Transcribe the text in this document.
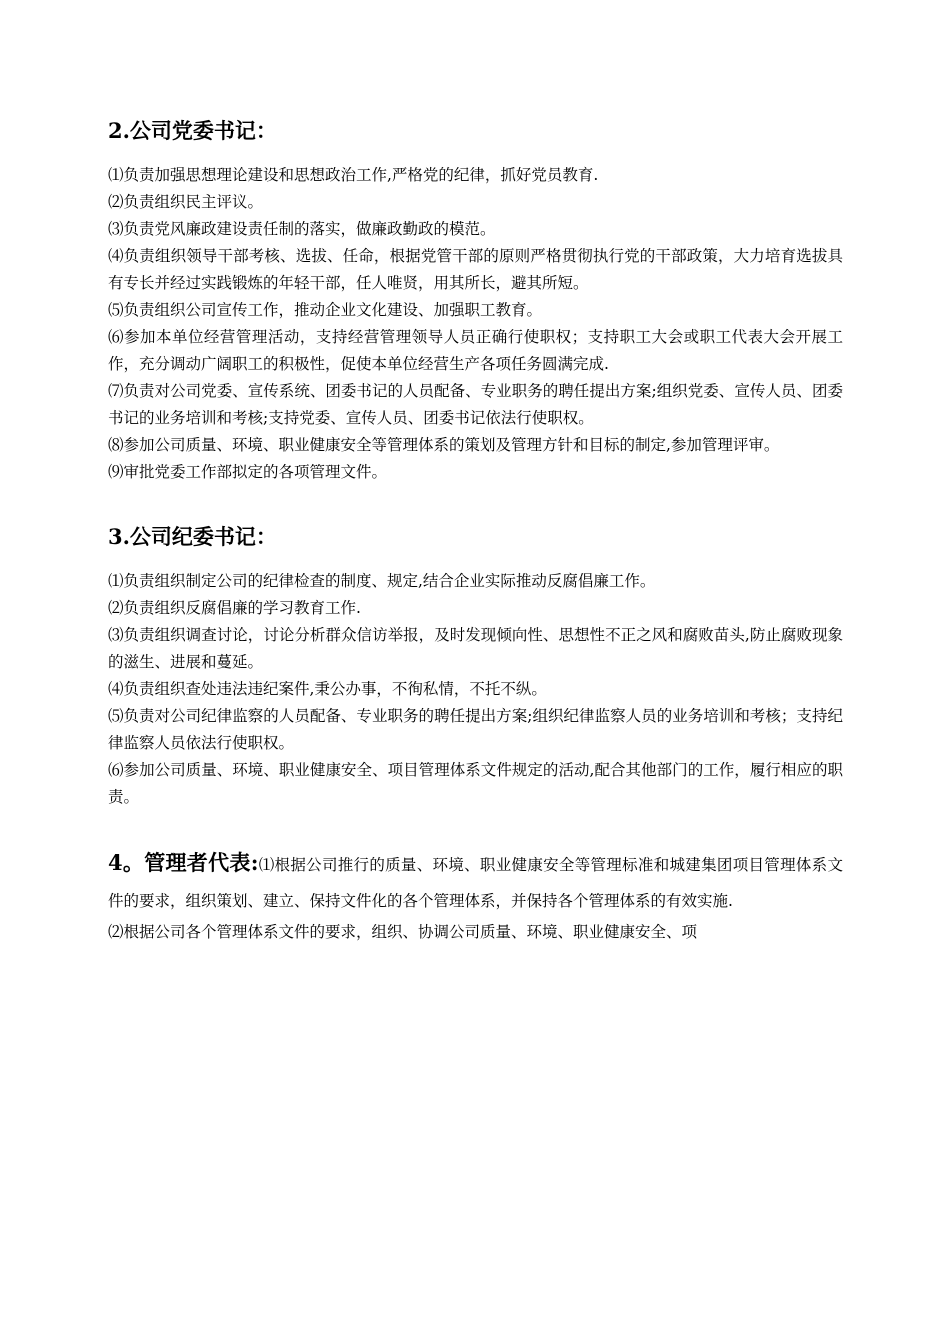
2.公司党委书记：

⑴负责加强思想理论建设和思想政治工作,严格党的纪律，抓好党员教育.

⑵负责组织民主评议。

⑶负责党风廉政建设责任制的落实，做廉政勤政的模范。

⑷负责组织领导干部考核、选拔、任命，根据党管干部的原则严格贯彻执行党的干部政策，大力培育选拔具有专长并经过实践锻炼的年轻干部，任人唯贤，用其所长，避其所短。

⑸负责组织公司宣传工作，推动企业文化建设、加强职工教育。

⑹参加本单位经营管理活动，支持经营管理领导人员正确行使职权；支持职工大会或职工代表大会开展工作，充分调动广阔职工的积极性，促使本单位经营生产各项任务圆满完成.

⑺负责对公司党委、宣传系统、团委书记的人员配备、专业职务的聘任提出方案;组织党委、宣传人员、团委书记的业务培训和考核;支持党委、宣传人员、团委书记依法行使职权。

⑻参加公司质量、环境、职业健康安全等管理体系的策划及管理方针和目标的制定,参加管理评审。

⑼审批党委工作部拟定的各项管理文件。

3.公司纪委书记：

⑴负责组织制定公司的纪律检查的制度、规定,结合企业实际推动反腐倡廉工作。

⑵负责组织反腐倡廉的学习教育工作.

⑶负责组织调查讨论，讨论分析群众信访举报，及时发现倾向性、思想性不正之风和腐败苗头,防止腐败现象的滋生、进展和蔓延。

⑷负责组织查处违法违纪案件,秉公办事，不徇私情，不托不纵。

⑸负责对公司纪律监察的人员配备、专业职务的聘任提出方案;组织纪律监察人员的业务培训和考核；支持纪律监察人员依法行使职权。

⑹参加公司质量、环境、职业健康安全、项目管理体系文件规定的活动,配合其他部门的工作，履行相应的职责。

4。管理者代表:⑴根据公司推行的质量、环境、职业健康安全等管理标准和城建集团项目管理体系文件的要求，组织策划、建立、保持文件化的各个管理体系，并保持各个管理体系的有效实施.

⑵根据公司各个管理体系文件的要求，组织、协调公司质量、环境、职业健康安全、项
